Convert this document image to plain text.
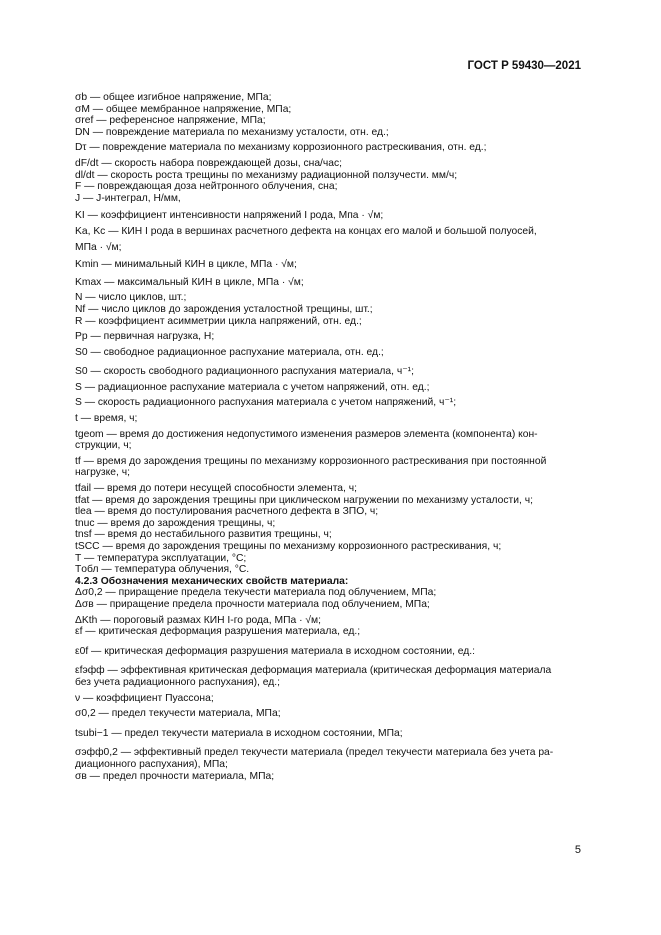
ГОСТ Р 59430—2021
σb — общее изгибное напряжение, МПа;
σM — общее мембранное напряжение, МПа;
σref — референсное напряжение, МПа;
DN — повреждение материала по механизму усталости, отн. ед.;
Dτ — повреждение материала по механизму коррозионного растрескивания, отн. ед.;
dF/dt — скорость набора повреждающей дозы, сна/час;
dl/dt — скорость роста трещины по механизму радиационной ползучести. мм/ч;
F — повреждающая доза нейтронного облучения, сна;
J — J-интеграл, Н/мм,
KI — коэффициент интенсивности напряжений I рода, Мпа · √м;
Ka, Kc — КИН I рода в вершинах расчетного дефекта на концах его малой и большой полуосей,
МПа · √м;
Kmin — минимальный КИН в цикле, МПа · √м;
Kmax — максимальный КИН в цикле, МПа · √м;
N — число циклов, шт.;
Nf — число циклов до зарождения усталостной трещины, шт.;
R — коэффициент асимметрии цикла напряжений, отн. ед.;
Pp — первичная нагрузка, Н;
S0 — свободное радиационное распухание материала, отн. ед.;
Ṡ0 — скорость свободного радиационного распухания материала, ч⁻¹;
S — радиационное распухание материала с учетом напряжений, отн. ед.;
Ṡ — скорость радиационного распухания материала с учетом напряжений, ч⁻¹;
t — время, ч;
tgeom — время до достижения недопустимого изменения размеров элемента (компонента) кон-
струкции, ч;
tf — время до зарождения трещины по механизму коррозионного растрескивания при постоянной
нагрузке, ч;
tfail — время до потери несущей способности элемента, ч;
tfat — время до зарождения трещины при циклическом нагружении по механизму усталости, ч;
tlea — время до постулирования расчетного дефекта в ЗПО, ч;
tnuc — время до зарождения трещины, ч;
tnsf — время до нестабильного развития трещины, ч;
tSCC — время до зарождения трещины по механизму коррозионного растрескивания, ч;
T — температура эксплуатации, °С;
Tобл — температура облучения, °С.
4.2.3 Обозначения механических свойств материала:
Δσ0,2 — приращение предела текучести материала под облучением, МПа;
Δσв — приращение предела прочности материала под облучением, МПа;
ΔKth — пороговый размах КИН I-го рода, МПа · √м;
εf — критическая деформация разрушения материала, ед.;
ε0f — критическая деформация разрушения материала в исходном состоянии, ед.:
εfэфф — эффективная критическая деформация материала (критическая деформация материала
без учета радиационного распухания), ед.;
ν — коэффициент Пуассона;
σ0,2 — предел текучести материала, МПа;
tsubi−1 — предел текучести материала в исходном состоянии, МПа;
σэфф0,2 — эффективный предел текучести материала (предел текучести материала без учета ра-
диационного распухания), МПа;
σв — предел прочности материала, МПа;
5
